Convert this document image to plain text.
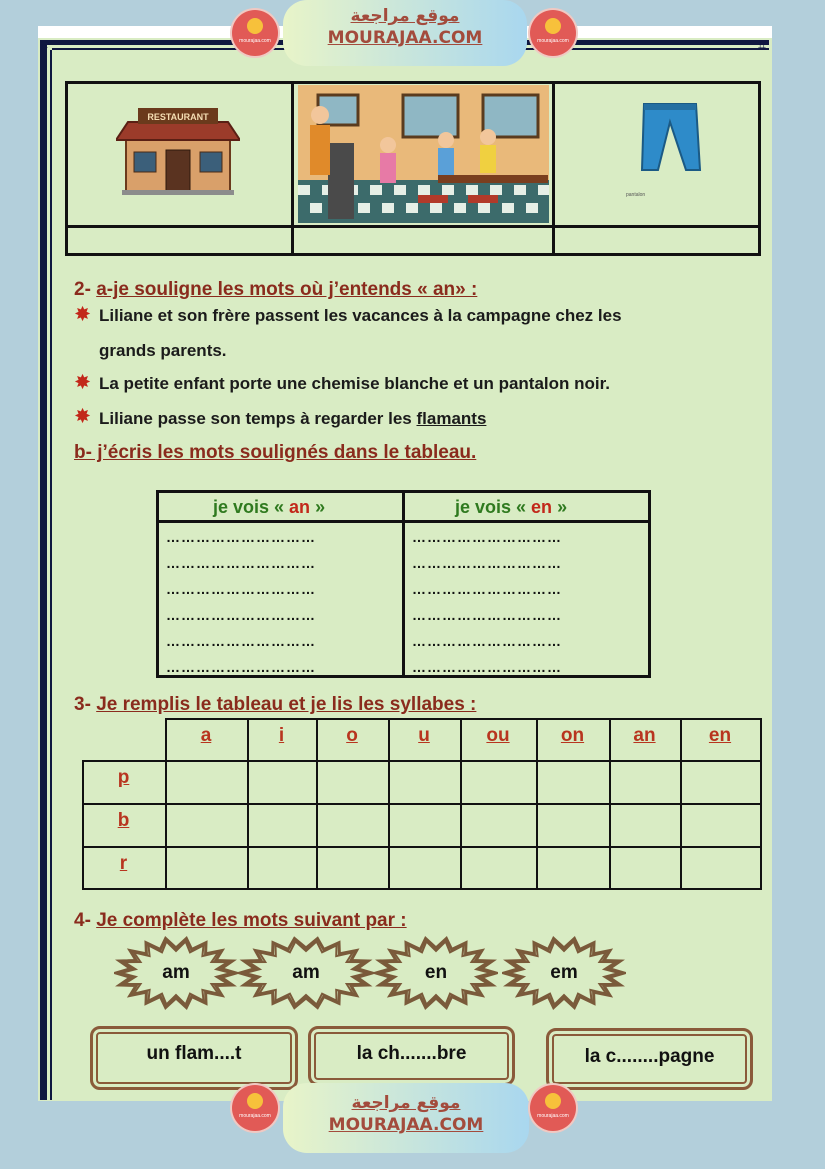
⌗	⌗
mourajaa.com
موقع مراجعة
MOURAJAA.COM	mourajaa.com
RESTAURANT
pantalon
2- a-je souligne les mots où j’entends « an» :
✸ Liliane et son frère passent les vacances à la campagne chez les
grands parents.
✸ La petite enfant porte une chemise blanche et un pantalon noir.
✸ Liliane passe son temps à regarder les flamants
b- j’écris les mots soulignés dans le tableau.
je vois « an »	je vois « en »
…………………………	…………………………
…………………………	…………………………
…………………………	…………………………
…………………………	…………………………
…………………………	…………………………
…………………………	…………………………
3- Je remplis le tableau et je lis les syllabes :
a	i	o	u	ou	on	an	en
p
b
r
4- Je complète les mots suivant par :
am	am	en	em
un flam....t	la ch.......bre	la c........pagne
mourajaa.com
موقع مراجعة
MOURAJAA.COM	mourajaa.com
